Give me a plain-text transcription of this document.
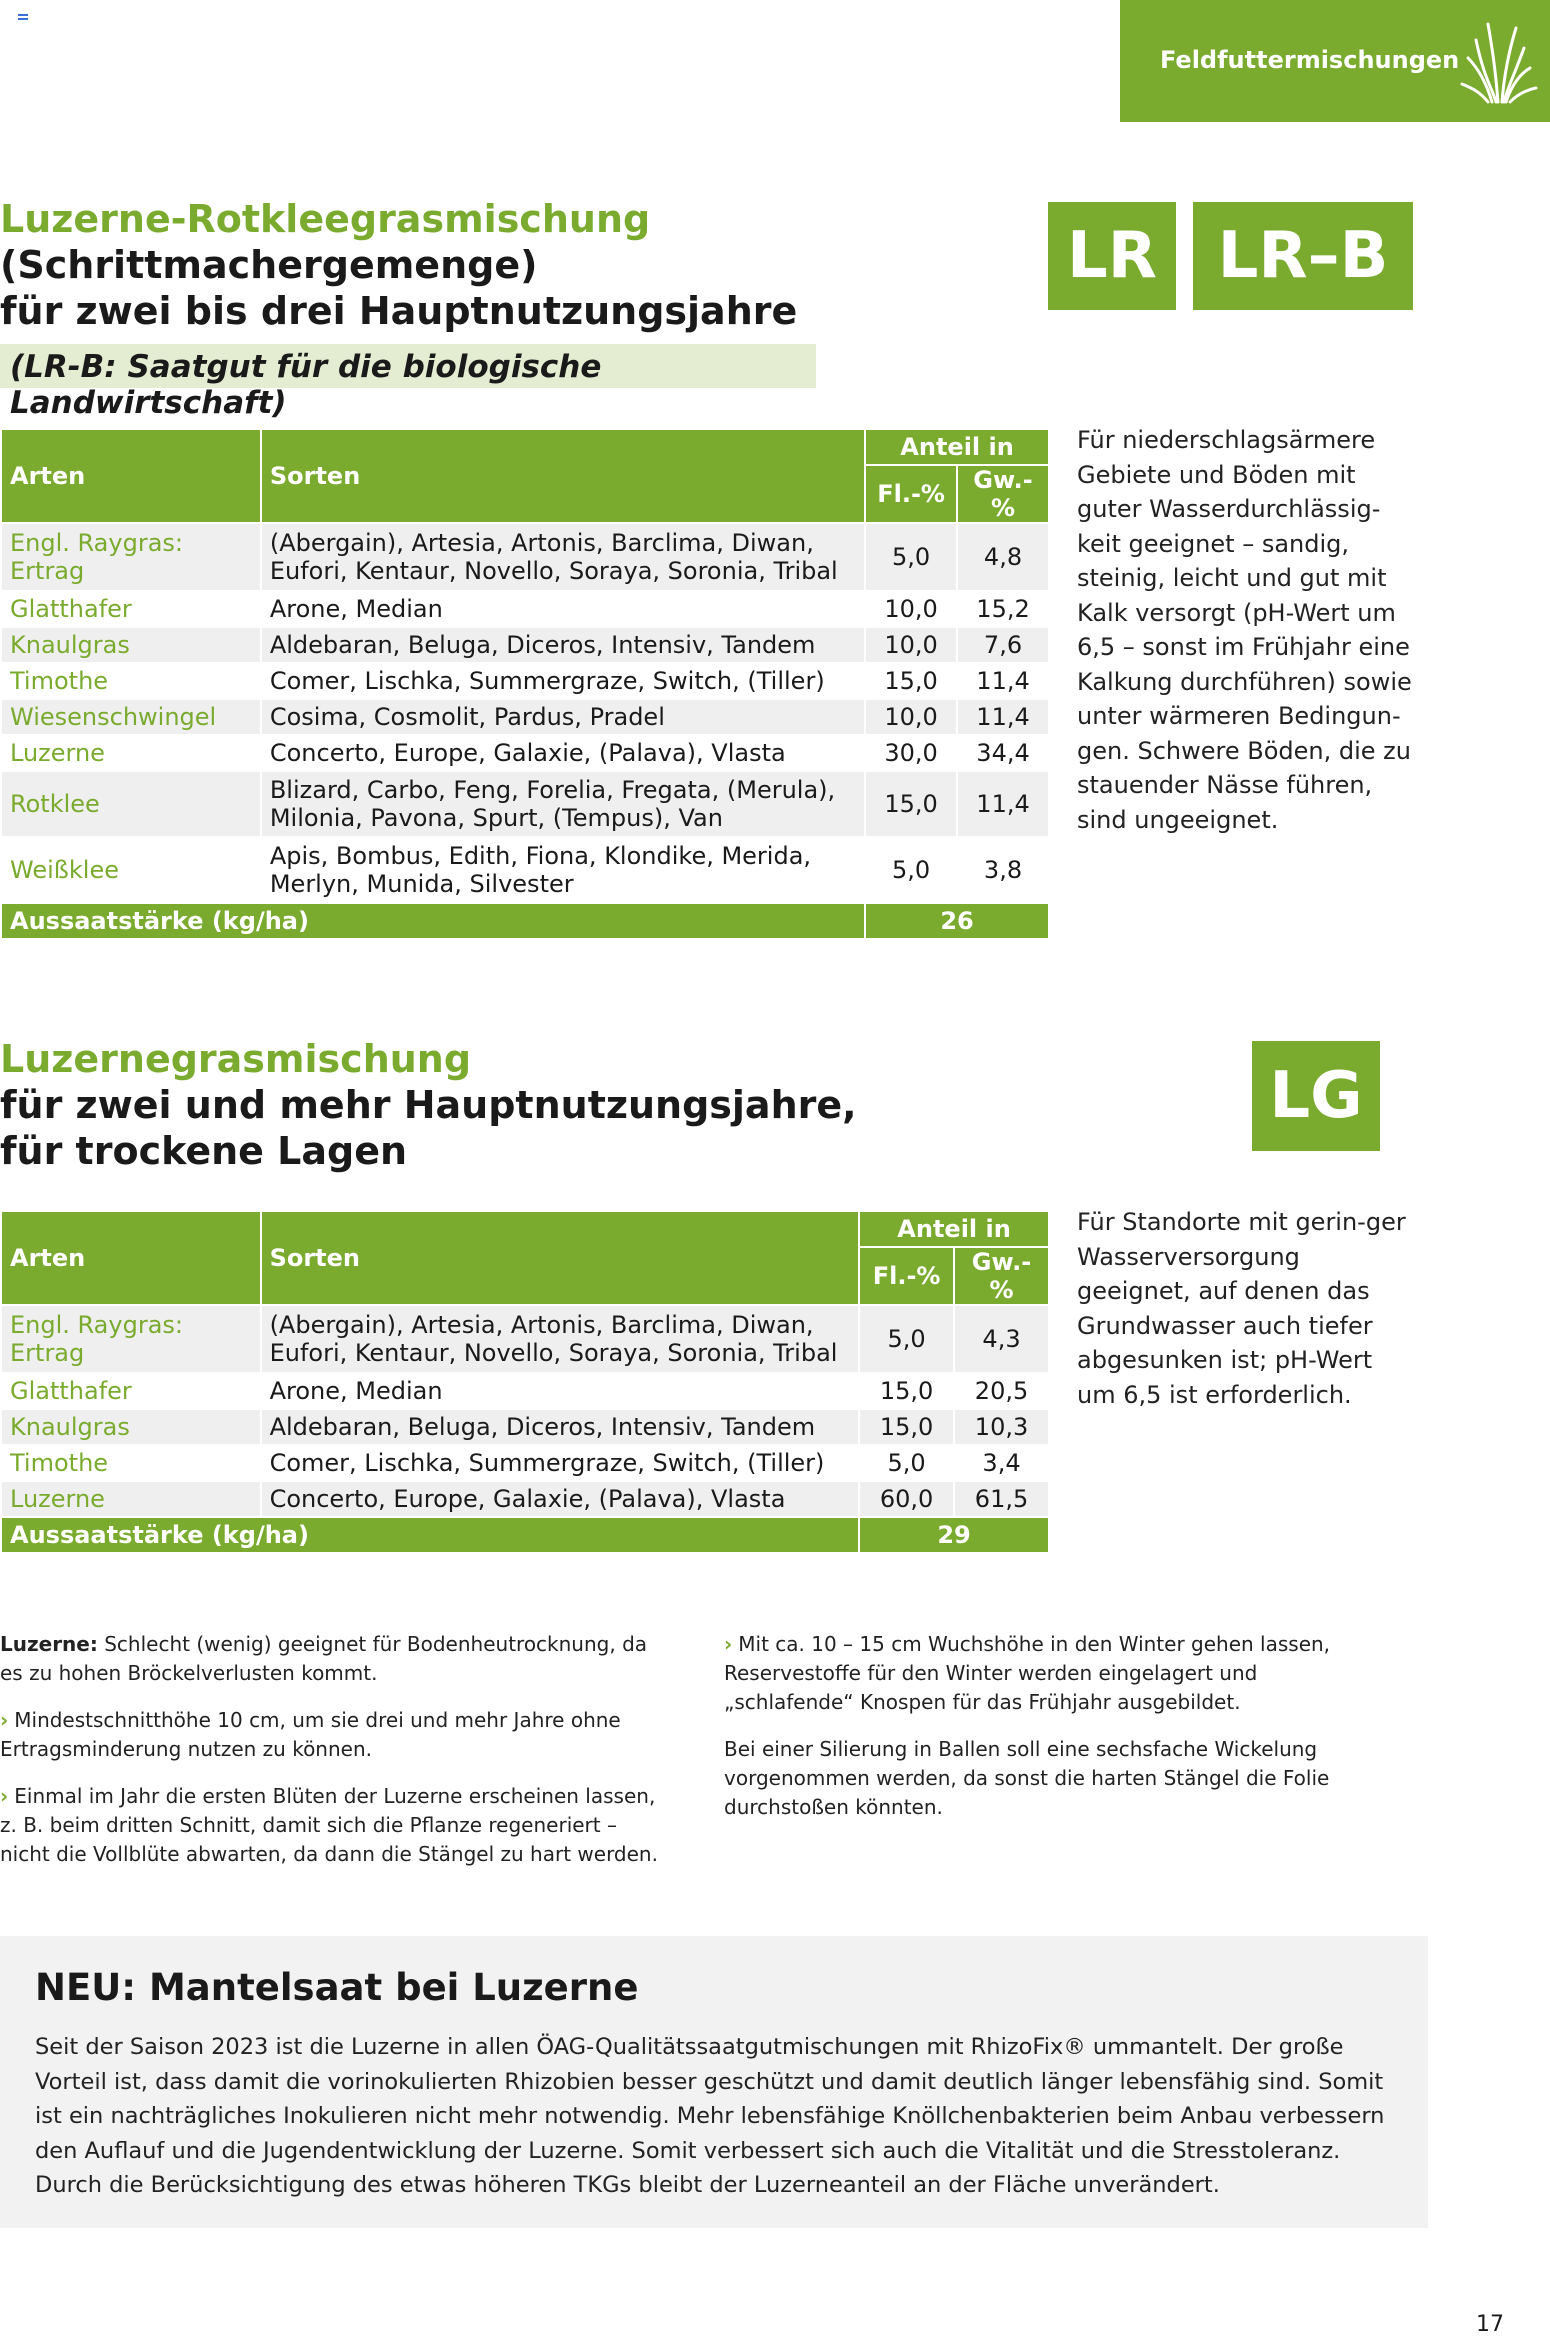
Feldfuttermischungen
Luzerne-Rotkleegrasmischung
(Schrittmachergemenge)
für zwei bis drei Hauptnutzungsjahre
(LR-B: Saatgut für die biologische Landwirtschaft)
LR LR–B
Arten	Sorten	Anteil in	
		Fl.-%	Gw.-%
Engl. Raygras: Ertrag	(Abergain), Artesia, Artonis, Barclima, Diwan, Eufori, Kentaur, Novello, Soraya, Soronia, Tribal	5,0	4,8
Glatthafer	Arone, Median	10,0	15,2
Knaulgras	Aldebaran, Beluga, Diceros, Intensiv, Tandem	10,0	7,6
Timothe	Comer, Lischka, Summergraze, Switch, (Tiller)	15,0	11,4
Wiesenschwingel	Cosima, Cosmolit, Pardus, Pradel	10,0	11,4
Luzerne	Concerto, Europe, Galaxie, (Palava), Vlasta	30,0	34,4
Rotklee	Blizard, Carbo, Feng, Forelia, Fregata, (Merula), Milonia, Pavona, Spurt, (Tempus), Van	15,0	11,4
Weißklee	Apis, Bombus, Edith, Fiona, Klondike, Merida, Merlyn, Munida, Silvester	5,0	3,8
Aussaatstärke (kg/ha)		26	
Für niederschlagsärmere Gebiete und Böden mit guter Wasserdurchlässig-keit geeignet – sandig, steinig, leicht und gut mit Kalk versorgt (pH-Wert um 6,5 – sonst im Frühjahr eine Kalkung durchführen) sowie unter wärmeren Bedingun-gen. Schwere Böden, die zu stauender Nässe führen, sind ungeeignet.
Luzernegrasmischung
für zwei und mehr Hauptnutzungsjahre,
für trockene Lagen
LG
Arten	Sorten	Anteil in	
		Fl.-%	Gw.-%
Engl. Raygras: Ertrag	(Abergain), Artesia, Artonis, Barclima, Diwan, Eufori, Kentaur, Novello, Soraya, Soronia, Tribal	5,0	4,3
Glatthafer	Arone, Median	15,0	20,5
Knaulgras	Aldebaran, Beluga, Diceros, Intensiv, Tandem	15,0	10,3
Timothe	Comer, Lischka, Summergraze, Switch, (Tiller)	5,0	3,4
Luzerne	Concerto, Europe, Galaxie, (Palava), Vlasta	60,0	61,5
Aussaatstärke (kg/ha)		29	
Für Standorte mit gerin-ger Wasserversorgung geeignet, auf denen das Grundwasser auch tiefer abgesunken ist; pH-Wert um 6,5 ist erforderlich.

Luzerne: Schlecht (wenig) geeignet für Bodenheutrocknung, da es zu hohen Bröckelverlusten kommt.

› Mindestschnitthöhe 10 cm, um sie drei und mehr Jahre ohne Ertragsminderung nutzen zu können.

› Einmal im Jahr die ersten Blüten der Luzerne erscheinen lassen, z. B. beim dritten Schnitt, damit sich die Pflanze regeneriert – nicht die Vollblüte abwarten, da dann die Stängel zu hart werden.

› Mit ca. 10 – 15 cm Wuchshöhe in den Winter gehen lassen, Reservestoffe für den Winter werden eingelagert und „schlafende“ Knospen für das Frühjahr ausgebildet.

Bei einer Silierung in Ballen soll eine sechsfache Wickelung vorgenommen werden, da sonst die harten Stängel die Folie durchstoßen könnten.

NEU: Mantelsaat bei Luzerne
Seit der Saison 2023 ist die Luzerne in allen ÖAG-Qualitätssaatgutmischungen mit RhizoFix® ummantelt. Der große Vorteil ist, dass damit die vorinokulierten Rhizobien besser geschützt und damit deutlich länger lebensfähig sind. Somit ist ein nachträgliches Inokulieren nicht mehr notwendig. Mehr lebensfähige Knöllchenbakterien beim Anbau verbessern den Auflauf und die Jugendentwicklung der Luzerne. Somit verbessert sich auch die Vitalität und die Stresstoleranz. Durch die Berücksichtigung des etwas höheren TKGs bleibt der Luzerneanteil an der Fläche unverändert.
17
